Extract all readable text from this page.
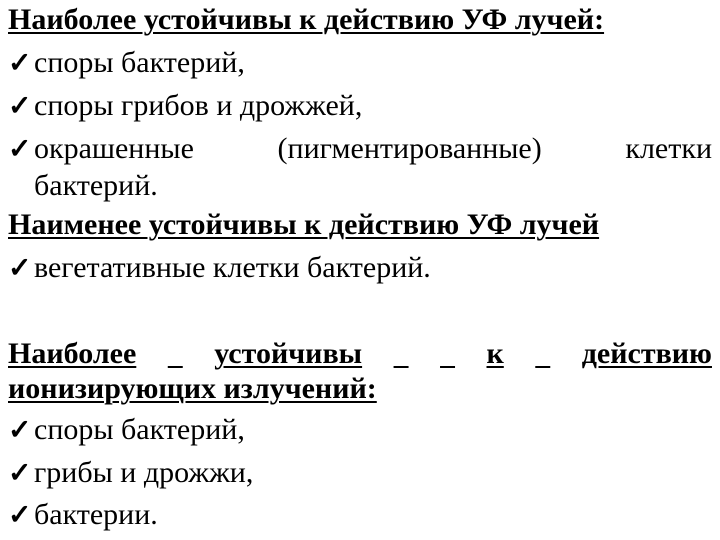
Наиболее устойчивы к действию УФ лучей:
✓ споры бактерий,
✓ споры грибов и дрожжей,
✓ окрашенные	(пигментированные)	клетки
бактерий.
Наименее устойчивы к действию УФ лучей
✓ вегетативные клетки бактерий.
Наиболее
	устойчивы

	к
	действию
ионизирующих излучений:
✓ споры бактерий,
✓ грибы и дрожжи,
✓ бактерии.
